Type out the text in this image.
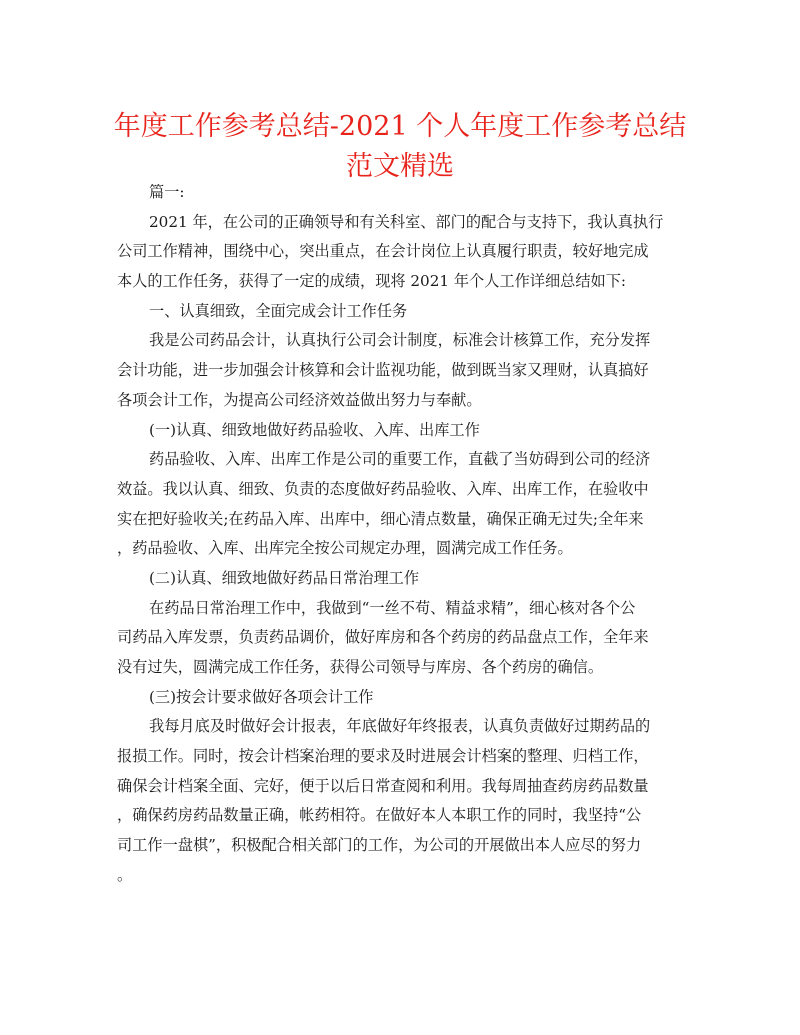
年度工作参考总结-2021 个人年度工作参考总结
范文精选
篇一:
2021 年，在公司的正确领导和有关科室、部门的配合与支持下，我认真执行
公司工作精神，围绕中心，突出重点，在会计岗位上认真履行职责，较好地完成
本人的工作任务，获得了一定的成绩，现将 2021 年个人工作详细总结如下:
一、认真细致，全面完成会计工作任务
我是公司药品会计，认真执行公司会计制度，标准会计核算工作，充分发挥
会计功能，进一步加强会计核算和会计监视功能，做到既当家又理财，认真搞好
各项会计工作，为提高公司经济效益做出努力与奉献。
(一)认真、细致地做好药品验收、入库、出库工作
药品验收、入库、出库工作是公司的重要工作，直截了当妨碍到公司的经济
效益。我以认真、细致、负责的态度做好药品验收、入库、出库工作，在验收中
实在把好验收关;在药品入库、出库中，细心清点数量，确保正确无过失;全年来
，药品验收、入库、出库完全按公司规定办理，圆满完成工作任务。
(二)认真、细致地做好药品日常治理工作
在药品日常治理工作中，我做到“一丝不苟、精益求精”，细心核对各个公
司药品入库发票，负责药品调价，做好库房和各个药房的药品盘点工作，全年来
没有过失，圆满完成工作任务，获得公司领导与库房、各个药房的确信。
(三)按会计要求做好各项会计工作
我每月底及时做好会计报表，年底做好年终报表，认真负责做好过期药品的
报损工作。同时，按会计档案治理的要求及时进展会计档案的整理、归档工作，
确保会计档案全面、完好，便于以后日常查阅和利用。我每周抽查药房药品数量
，确保药房药品数量正确，帐药相符。在做好本人本职工作的同时，我坚持“公
司工作一盘棋”，积极配合相关部门的工作，为公司的开展做出本人应尽的努力
。
